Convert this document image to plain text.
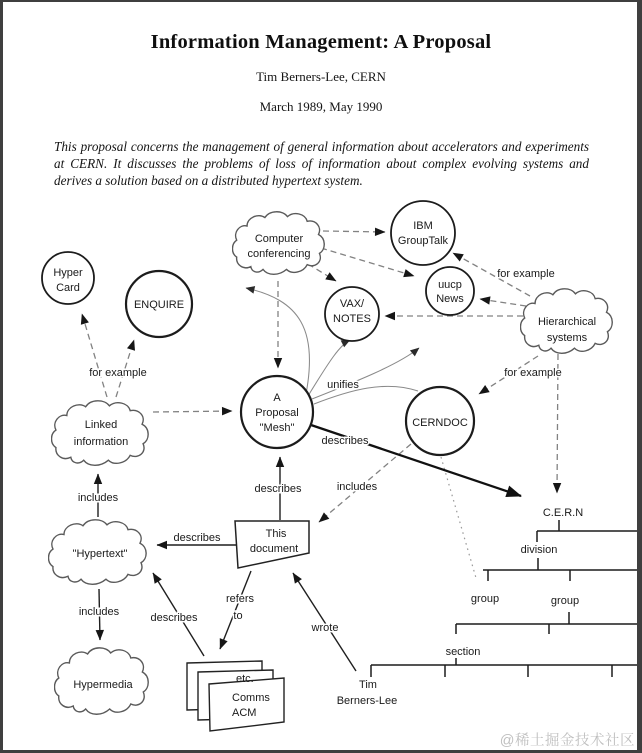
Information Management: A Proposal
Tim Berners-Lee, CERN
March 1989, May 1990

This proposal concerns the management of general information about accelerators and experiments at CERN. It discusses the problems of loss of information about complex evolving systems and derives a solution based on a distributed hypertext system.

Computer
conferencing
Hierarchical
systems
Linked
information
"Hypertext"
Hypermedia
Hyper
Card
ENQUIRE	VAX/
NOTES
IBM
GroupTalk
uucp
News
A
Proposal
"Mesh"	CERNDOC
This
document
etc.
Comms
ACM
C.E.R.N
division
group	group
section
Tim
Berners-Lee
for example
for example
for example
unifies
describes
includes
describes
describes
includes
includes	describes
refers
to
wrote
@稀土掘金技术社区
